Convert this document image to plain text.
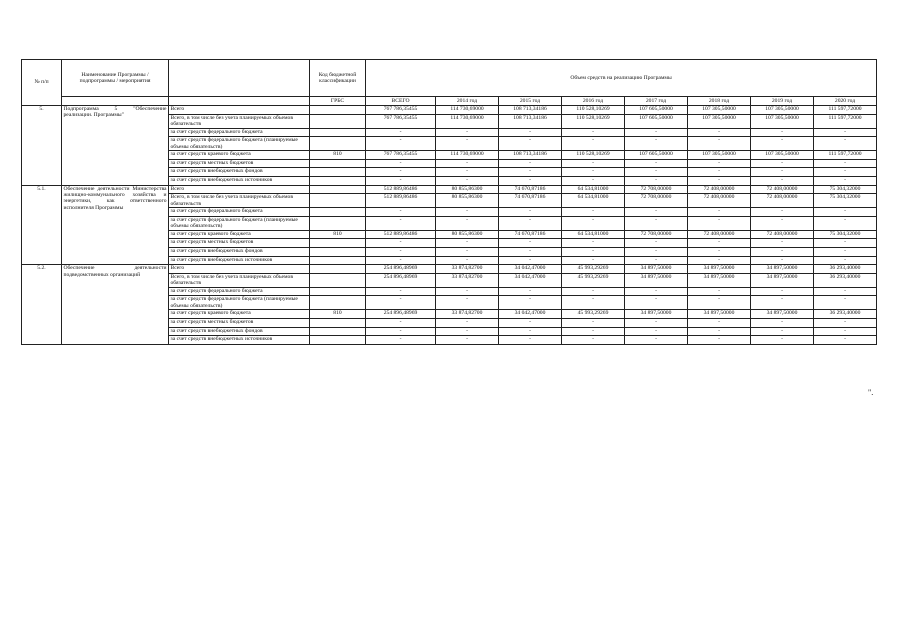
№ п/п	Наименование Программы / подпрограммы / мероприятия		Код бюджетной классификации	Объем средств на реализацию Программы							
			ГРБС	ВСЕГО	2014 год	2015 год	2016 год	2017 год	2018 год	2019 год	2020 год
5.	Подпрограмма 5 "Обеспечение реализации. Программы"	Всего		767 786,35455	114 730,69000	108 713,34186	110 528,10269	107 605,50000	107 305,50000	107 305,50000	111 597,72000
		Всего, в том числе без учета планируемых объемов обязательств		767 786,35455	114 730,69000	108 713,34186	110 528,10269	107 605,50000	107 305,50000	107 305,50000	111 597,72000
		за счет средств федерального бюджета		-	-	-	-	-	-	-	-
		за счет средств федерального бюджета (планируемые объемы обязательств)		-	-	-	-	-	-	-	-
		за счет средств краевого бюджета	810	767 786,35455	114 730,69000	108 713,34186	110 528,10269	107 605,50000	107 305,50000	107 305,50000	111 597,72000
		за счет средств местных бюджетов		-	-	-	-	-	-	-	-
		за счет средств внебюджетных фондов		-	-	-	-	-	-	-	-
		за счет средств внебюджетных источников		-	-	-	-	-	-	-	-
5.1.	Обеспечение деятельности Министерства жилищно-коммунального хозяйства и энергетики, как ответственного исполнителя Программы	Всего		512 889,86486	80 855,86300	74 670,87186	64 534,81000	72 708,00000	72 408,00000	72 408,00000	75 304,32000
		Всего, в том числе без учета планируемых объемов обязательств		512 889,86486	80 855,86300	74 670,87186	64 534,81000	72 708,00000	72 408,00000	72 408,00000	75 304,32000
		за счет средств федерального бюджета		-	-	-	-	-	-	-	-
		за счет средств федерального бюджета (планируемые объемы обязательств)		-	-	-	-	-	-	-	-
		за счет средств краевого бюджета	810	512 889,86486	80 855,86300	74 670,87186	64 534,81000	72 708,00000	72 408,00000	72 408,00000	75 304,32000
		за счет средств местных бюджетов		-	-	-	-	-	-	-	-
		за счет средств внебюджетных фондов		-	-	-	-	-	-	-	-
		за счет средств внебюджетных источников		-	-	-	-	-	-	-	-
5.2.	Обеспечение деятельности подведомственных организаций	Всего		254 896,48969	33 874,82700	34 042,47000	45 993,29269	34 897,50000	34 897,50000	34 897,50000	36 293,40000
		Всего, в том числе без учета планируемых объемов обязательств		254 896,48969	33 874,82700	34 042,47000	45 993,29269	34 897,50000	34 897,50000	34 897,50000	36 293,40000
		за счет средств федерального бюджета		-	-	-	-	-	-	-	-
		за счет средств федерального бюджета (планируемые объемы обязательств)		-	-	-	-	-	-	-	-
		за счет средств краевого бюджета	810	254 896,48969	33 874,82700	34 042,47000	45 993,29269	34 897,50000	34 897,50000	34 897,50000	36 293,40000
		за счет средств местных бюджетов		-	-	-	-	-	-	-	-
		за счет средств внебюджетных фондов		-	-	-	-	-	-	-	-
		за счет средств внебюджетных источников		-	-	-	-	-	-	-	-
".
